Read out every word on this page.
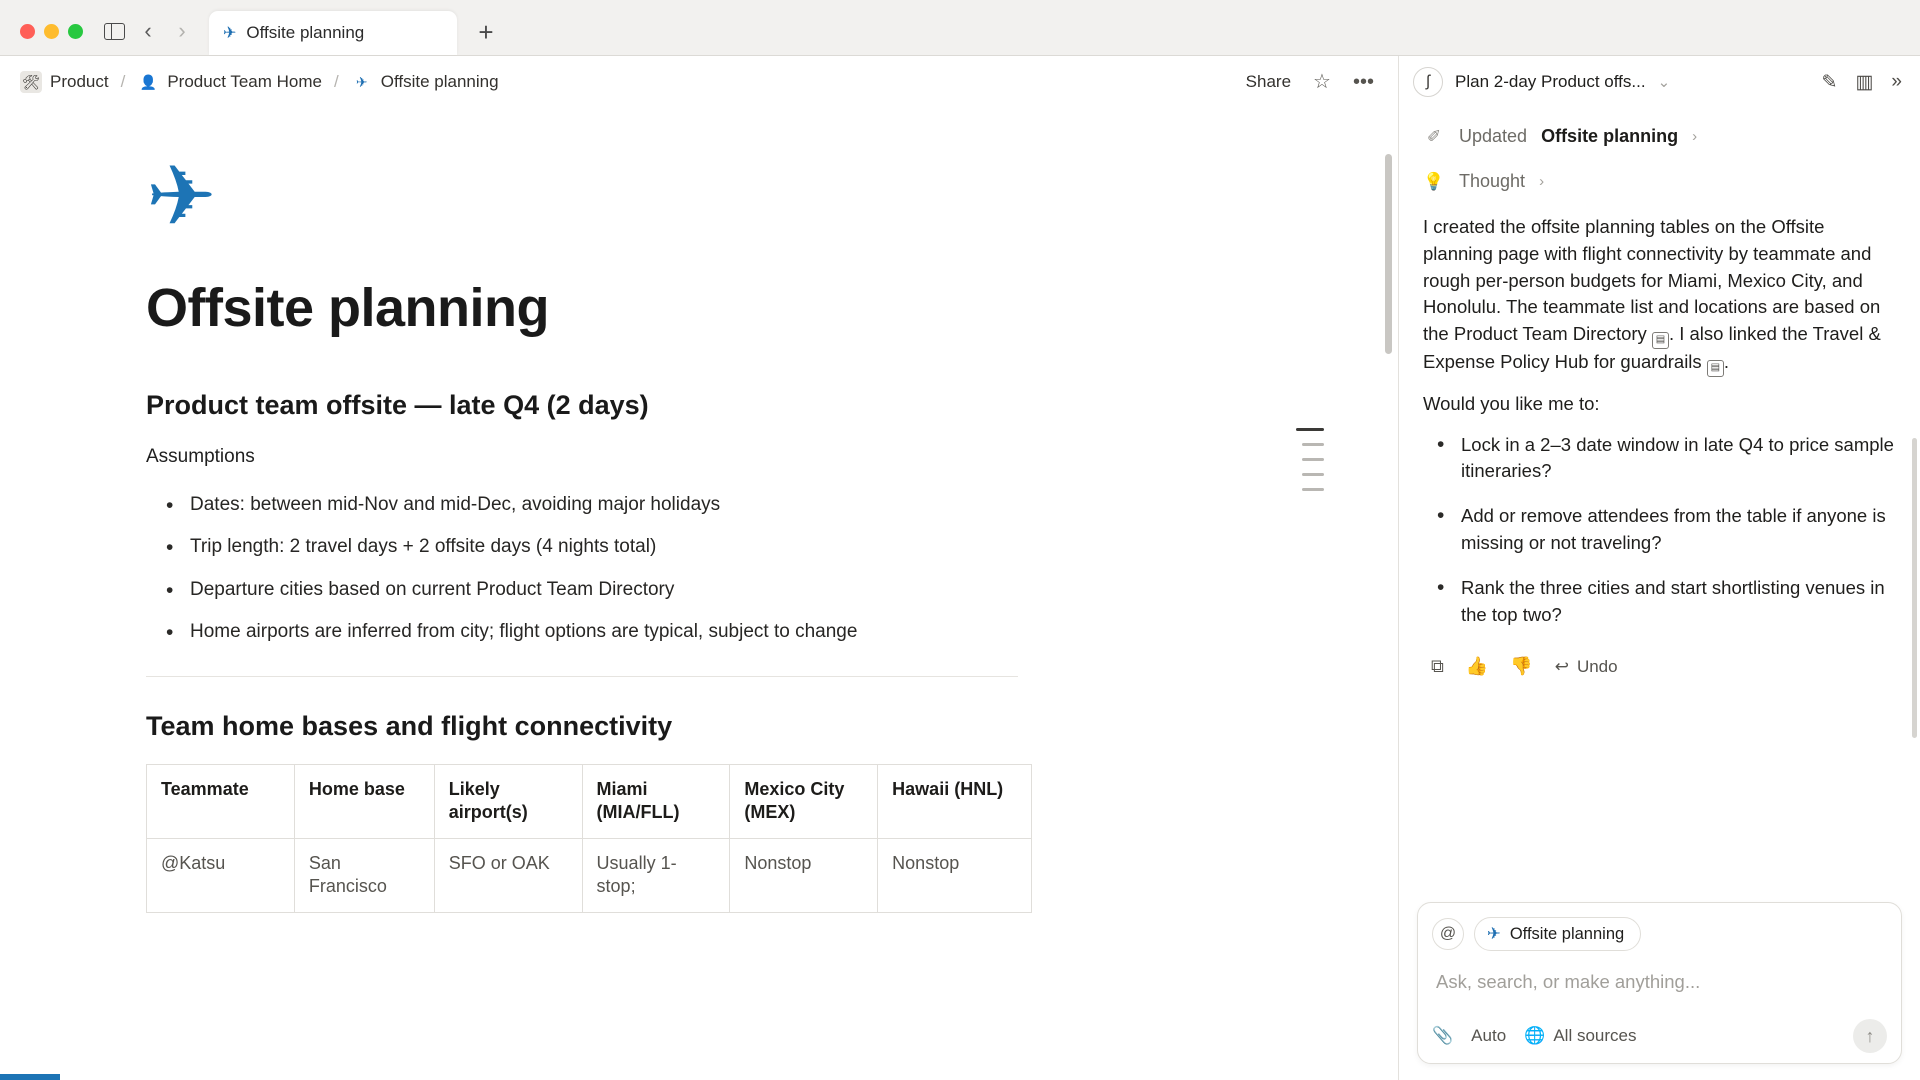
‹ › ✈ Offsite planning	+
🛠 Product / 👤 Product Team Home /	✈ Offsite planning	Share ☆ •••
✈
Offsite planning
Product team offsite — late Q4 (2 days)

Assumptions

• Dates: between mid-Nov and mid-Dec, avoiding major holidays
• Trip length: 2 travel days + 2 offsite days (4 nights total)
• Departure cities based on current Product Team Directory
• Home airports are inferred from city; flight options are typical, subject to change
Team home bases and flight connectivity
Teammate	Home base	Likely airport(s)	Miami (MIA/FLL)	Mexico City (MEX)	Hawaii (HNL)
@Katsu	San Francisco	SFO or OAK	Usually 1-stop;	Nonstop	Nonstop
ʃ	Plan 2-day Product offs... ⌄	✎ ▥ »
✐ Updated Offsite planning ›
💡 Thought ›

I created the offsite planning tables on the Offsite planning page with flight connectivity by teammate and rough per-person budgets for Miami, Mexico City, and Honolulu. The teammate list and locations are based on the Product Team Directory ▤ . I also linked the Travel & Expense Policy Hub for guardrails ▤ .

Would you like me to:

• Lock in a 2–3 date window in late Q4 to price sample itineraries?
• Add or remove attendees from the table if anyone is missing or not traveling?
• Rank the three cities and start shortlisting venues in the top two?
⧉ 👍 👎 ↩ Undo
@	✈ Offsite planning
Ask, search, or make anything...
📎 Auto 🌐 All sources	↑
